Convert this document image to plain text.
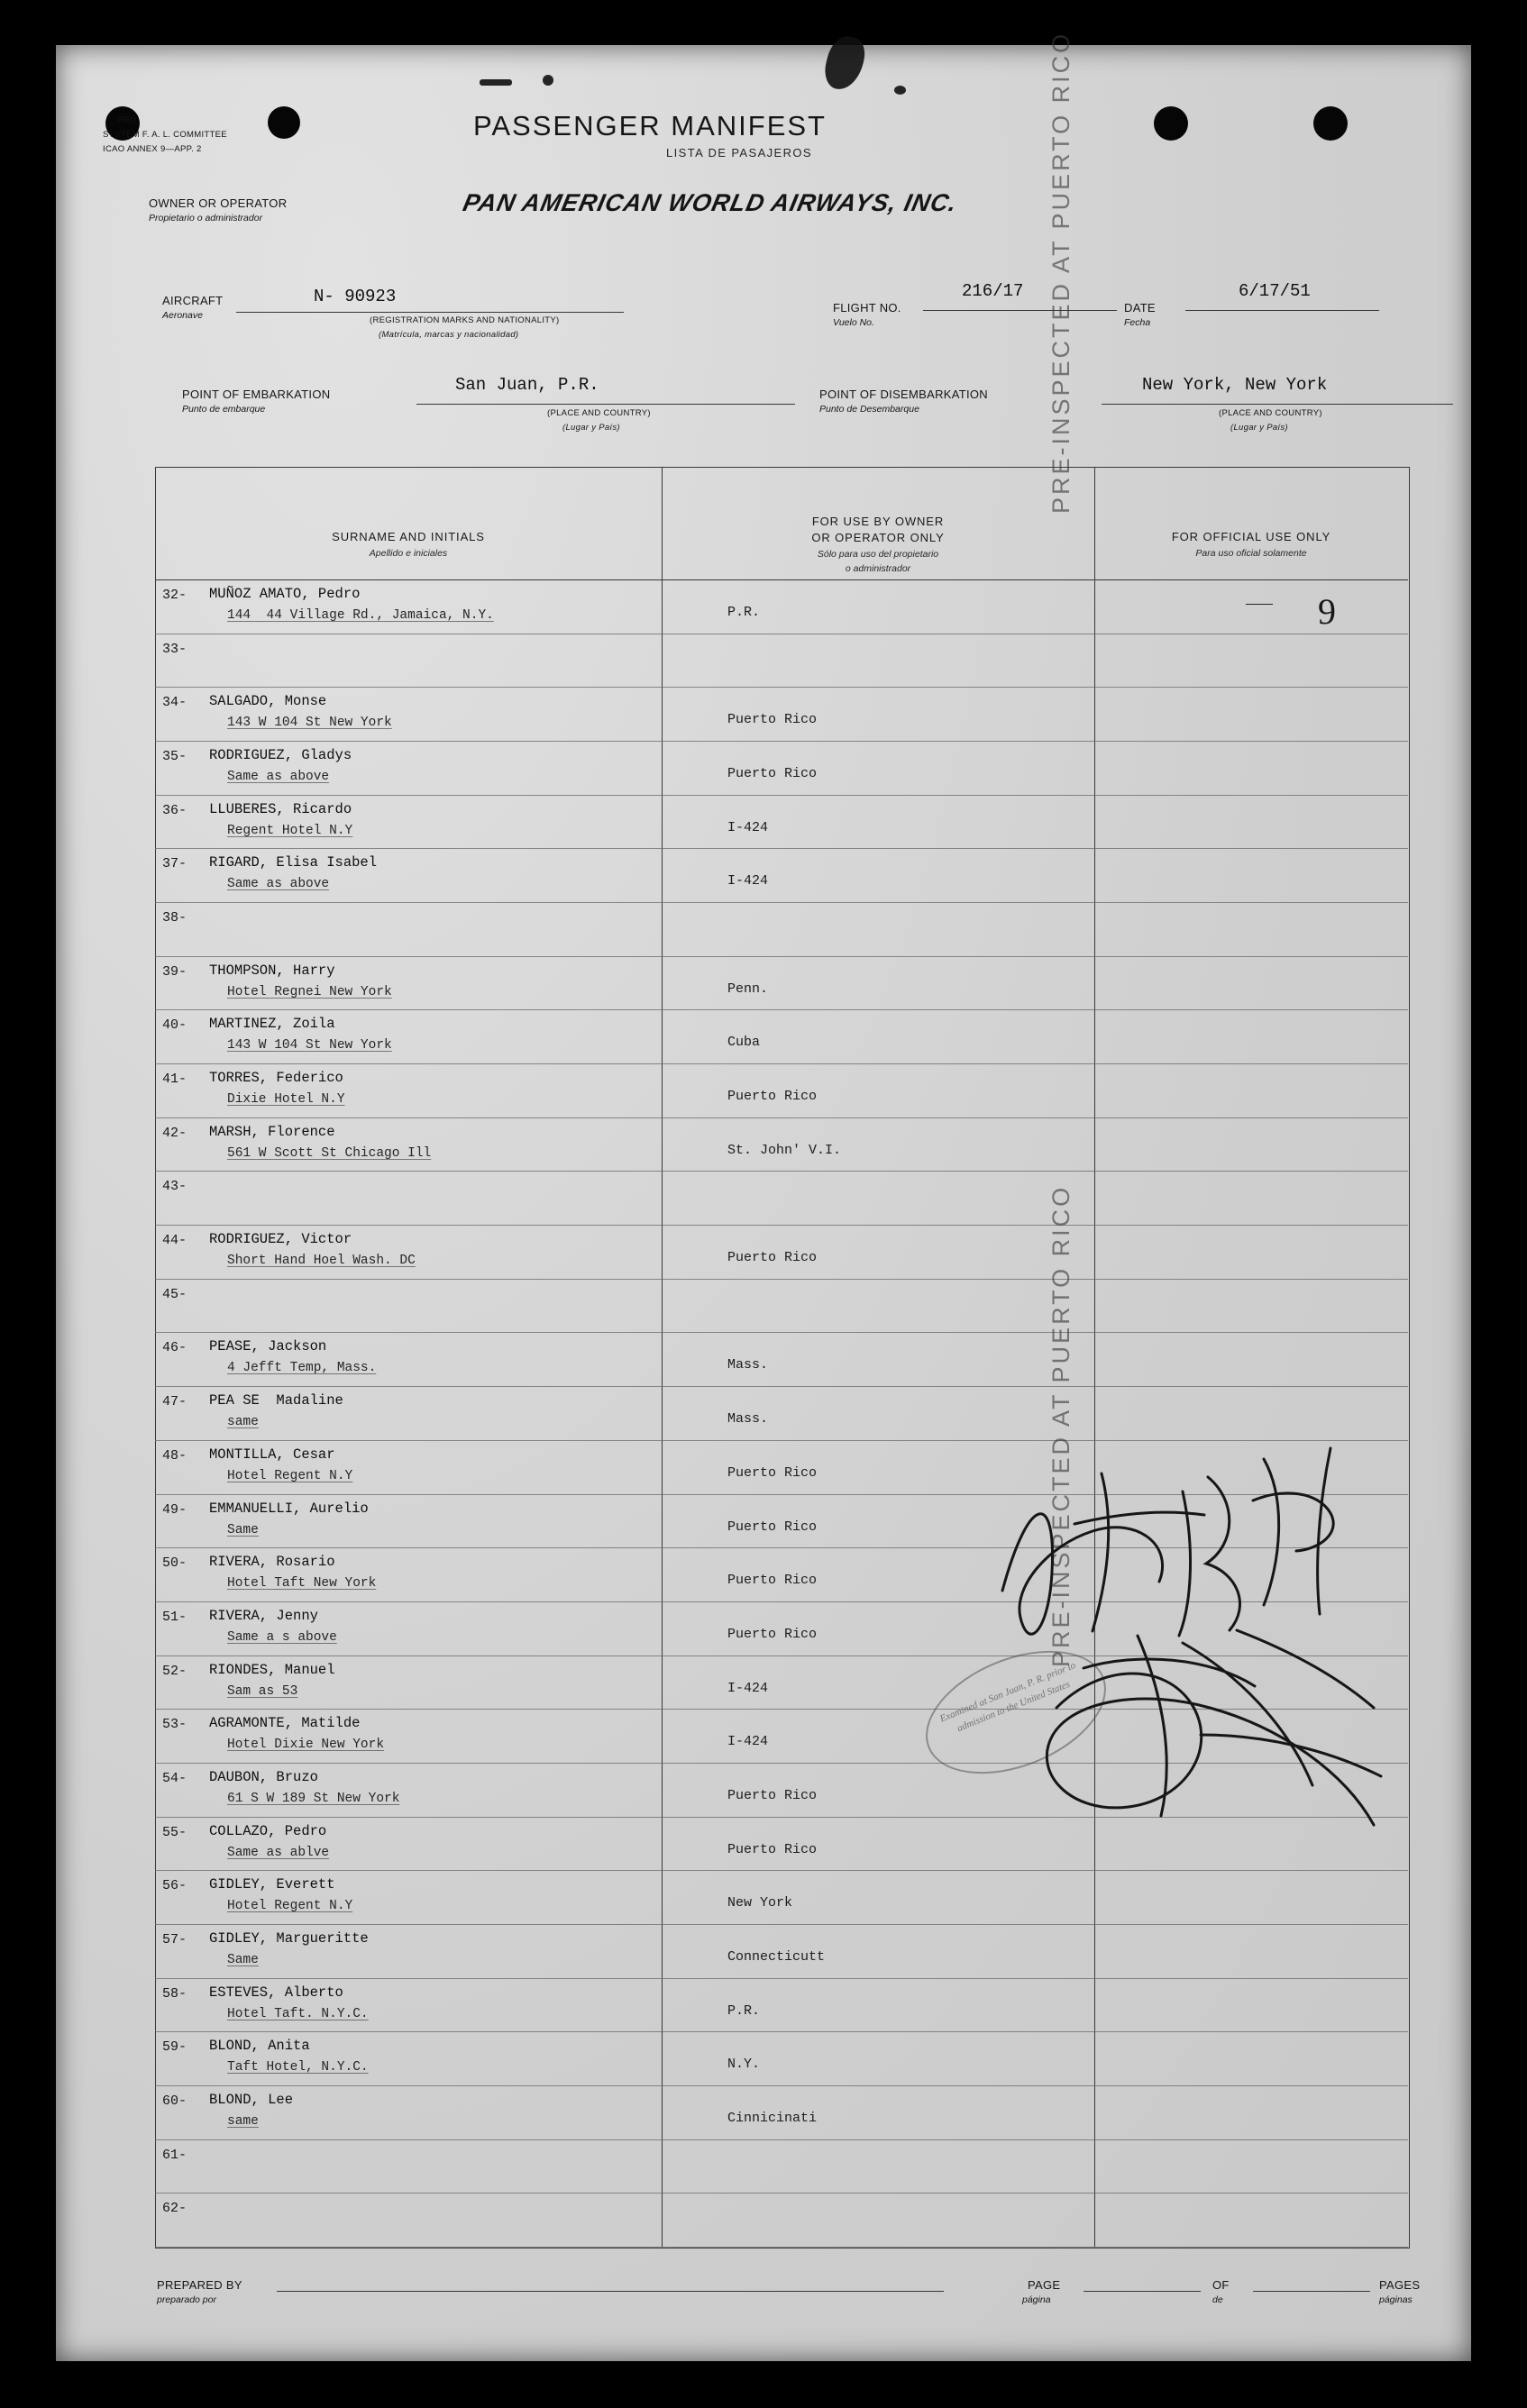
PRO
SYSTEM F. A. L. COMMITTEE
ICAO ANNEX 9—APP. 2
PASSENGER MANIFEST
LISTA DE PASAJEROS
OWNER OR OPERATOR
Propietario o administrador
PAN AMERICAN WORLD AIRWAYS, INC.
AIRCRAFT
Aeronave
N- 90923
(REGISTRATION MARKS AND NATIONALITY)
(Matrícula, marcas y nacionalidad)
FLIGHT NO.
Vuelo No.
216/17
DATE
Fecha
6/17/51
POINT OF EMBARKATION
Punto de embarque
San Juan, P.R.
(PLACE AND COUNTRY)
(Lugar y País)
POINT OF DISEMBARKATION
Punto de Desembarque
New York, New York
(PLACE AND COUNTRY)
(Lugar y País)
SURNAME AND INITIALS
Apellido e iniciales
FOR USE BY OWNER
OR OPERATOR ONLY
Sólo para uso del propietario
o administrador
FOR OFFICIAL USE ONLY
Para uso oficial solamente
9
32- MUÑOZ AMATO, Pedro
144  44 Village Rd., Jamaica, N.Y.	P.R.
33-
34- SALGADO, Monse
143 W 104 St New York	Puerto Rico
35- RODRIGUEZ, Gladys
Same as above	Puerto Rico
36- LLUBERES, Ricardo
Regent Hotel N.Y	I-424
37- RIGARD, Elisa Isabel
Same as above	I-424
38-
39- THOMPSON, Harry
Hotel Regnei New York	Penn.
40- MARTINEZ, Zoila
143 W 104 St New York	Cuba
41- TORRES, Federico
Dixie Hotel N.Y	Puerto Rico
42- MARSH, Florence
561 W Scott St Chicago Ill	St. John' V.I.
43-
44- RODRIGUEZ, Victor
Short Hand Hoel Wash. DC	Puerto Rico
45-
46- PEASE, Jackson
4 Jefft Temp, Mass.	Mass.
47- PEA SE  Madaline
same	Mass.
48- MONTILLA, Cesar
Hotel Regent N.Y	Puerto Rico
49- EMMANUELLI, Aurelio
Same	Puerto Rico
50- RIVERA, Rosario
Hotel Taft New York	Puerto Rico
51- RIVERA, Jenny
Same a s above	Puerto Rico
52- RIONDES, Manuel
Sam as 53	I-424
53- AGRAMONTE, Matilde
Hotel Dixie New York	I-424
54- DAUBON, Bruzo
61 S W 189 St New York	Puerto Rico
55- COLLAZO, Pedro
Same as ablve	Puerto Rico
56- GIDLEY, Everett
Hotel Regent N.Y	New York
57- GIDLEY, Margueritte
Same	Connecticutt
58- ESTEVES, Alberto
Hotel Taft. N.Y.C.	P.R.
59- BLOND, Anita
Taft Hotel, N.Y.C.	N.Y.
60- BLOND, Lee
same	Cinnicinati
61-
62-
PRE-INSPECTED AT PUERTO RICO
PRE-INSPECTED AT PUERTO RICO
Examined at San Juan, P. R. prior to admission to the United States
PREPARED BY
preparado por
PAGE
página
OF
de
PAGES
páginas
